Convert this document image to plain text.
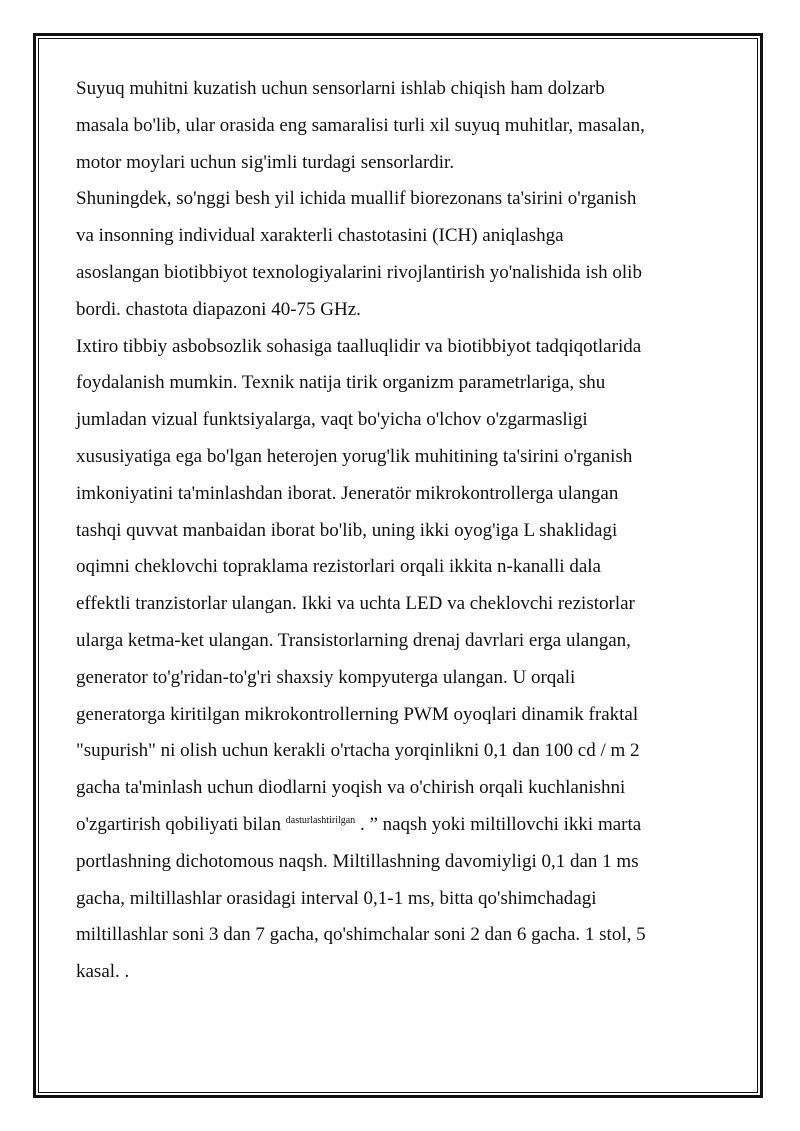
Suyuq muhitni kuzatish uchun sensorlarni ishlab chiqish ham dolzarb
masala bo'lib, ular orasida eng samaralisi turli xil suyuq muhitlar, masalan,
motor moylari uchun sig'imli turdagi sensorlardir.

Shuningdek, so'nggi besh yil ichida muallif biorezonans ta'sirini o'rganish
va insonning individual xarakterli chastotasini (ICH) aniqlashga
asoslangan biotibbiyot texnologiyalarini rivojlantirish yo'nalishida ish olib
bordi. chastota diapazoni 40-75 GHz.

Ixtiro tibbiy asbobsozlik sohasiga taalluqlidir va biotibbiyot tadqiqotlarida
foydalanish mumkin. Texnik natija tirik organizm parametrlariga, shu
jumladan vizual funktsiyalarga, vaqt bo'yicha o'lchov o'zgarmasligi
xususiyatiga ega bo'lgan heterojen yorug'lik muhitining ta'sirini o'rganish
imkoniyatini ta'minlashdan iborat. Jeneratör mikrokontrollerga ulangan
tashqi quvvat manbaidan iborat bo'lib, uning ikki oyog'iga L shaklidagi
oqimni cheklovchi topraklama rezistorlari orqali ikkita n-kanalli dala
effektli tranzistorlar ulangan. Ikki va uchta LED va cheklovchi rezistorlar
ularga ketma-ket ulangan. Transistorlarning drenaj davrlari erga ulangan,
generator to'g'ridan-to'g'ri shaxsiy kompyuterga ulangan. U orqali
generatorga kiritilgan mikrokontrollerning PWM oyoqlari dinamik fraktal
"supurish" ni olish uchun kerakli o'rtacha yorqinlikni 0,1 dan 100 cd / m 2
gacha ta'minlash uchun diodlarni yoqish va o'chirish orqali kuchlanishni
o'zgartirish qobiliyati bilan $^{dasturlashtirilgan}$ . ” naqsh yoki miltillovchi ikki marta
portlashning dichotomous naqsh. Miltillashning davomiyligi 0,1 dan 1 ms
gacha, miltillashlar orasidagi interval 0,1-1 ms, bitta qo'shimchadagi
miltillashlar soni 3 dan 7 gacha, qo'shimchalar soni 2 dan 6 gacha. 1 stol, 5
kasal. .
